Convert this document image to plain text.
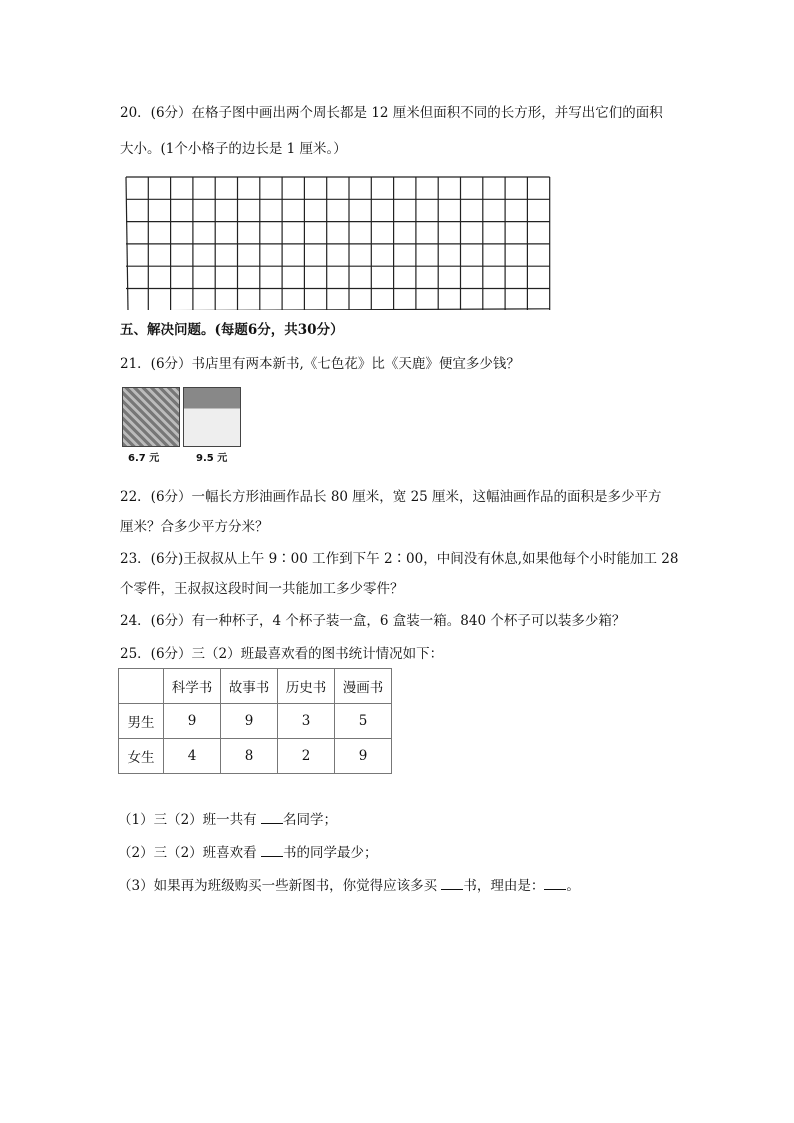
20．(6分）在格子图中画出两个周长都是 12 厘米但面积不同的长方形，并写出它们的面积
大小。(1个小格子的边长是 1 厘米。）
五、解决问题。(每题6分，共30分）
21．(6分）书店里有两本新书,《七色花》比《天鹿》便宜多少钱？
6.7 元	9.5 元
22．(6分）一幅长方形油画作品长 80 厘米，宽 25 厘米，这幅油画作品的面积是多少平方
厘米？合多少平方分米？
23．(6分)王叔叔从上午 9∶00 工作到下午 2∶00，中间没有休息,如果他每个小时能加工 28
个零件，王叔叔这段时间一共能加工多少零件？
24．(6分）有一种杯子，4 个杯子装一盒，6 盒装一箱。840 个杯子可以装多少箱？
25．(6分）三（2）班最喜欢看的图书统计情况如下：
	科学书	故事书	历史书	漫画书
男生	9	9	3	5
女生	4	8	2	9
（1）三（2）班一共有 名同学；
（2）三（2）班喜欢看 书的同学最少；
（3）如果再为班级购买一些新图书，你觉得应该多买 书，理由是： 。
